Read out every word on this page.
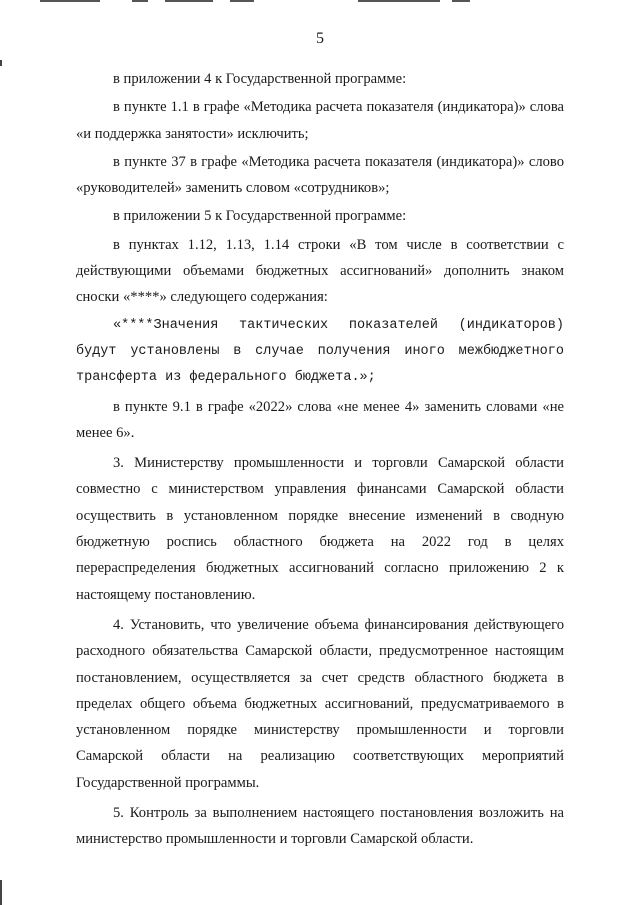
5

в приложении 4 к Государственной программе:

в пункте 1.1 в графе «Методика расчета показателя (индикатора)» слова «и поддержка занятости» исключить;

в пункте 37 в графе «Методика расчета показателя (индикатора)» слово «руководителей» заменить словом «сотрудников»;

в приложении 5 к Государственной программе:

в пунктах 1.12, 1.13, 1.14 строки «В том числе в соответствии с действующими объемами бюджетных ассигнований» дополнить знаком сноски «****» следующего содержания:

«****Значения тактических показателей (индикаторов) будут установлены в случае получения иного межбюджетного трансферта из федерального бюджета.»;

в пункте 9.1 в графе «2022» слова «не менее 4» заменить словами «не менее 6».

3. Министерству промышленности и торговли Самарской области совместно с министерством управления финансами Самарской области осуществить в установленном порядке внесение изменений в сводную бюджетную роспись областного бюджета на 2022 год в целях перераспределения бюджетных ассигнований согласно приложению 2 к настоящему постановлению.

4. Установить, что увеличение объема финансирования действующего расходного обязательства Самарской области, предусмотренное настоящим постановлением, осуществляется за счет средств областного бюджета в пределах общего объема бюджетных ассигнований, предусматриваемого в установленном порядке министерству промышленности и торговли Самарской области на реализацию соответствующих мероприятий Государственной программы.

5. Контроль за выполнением настоящего постановления возложить на министерство промышленности и торговли Самарской области.
